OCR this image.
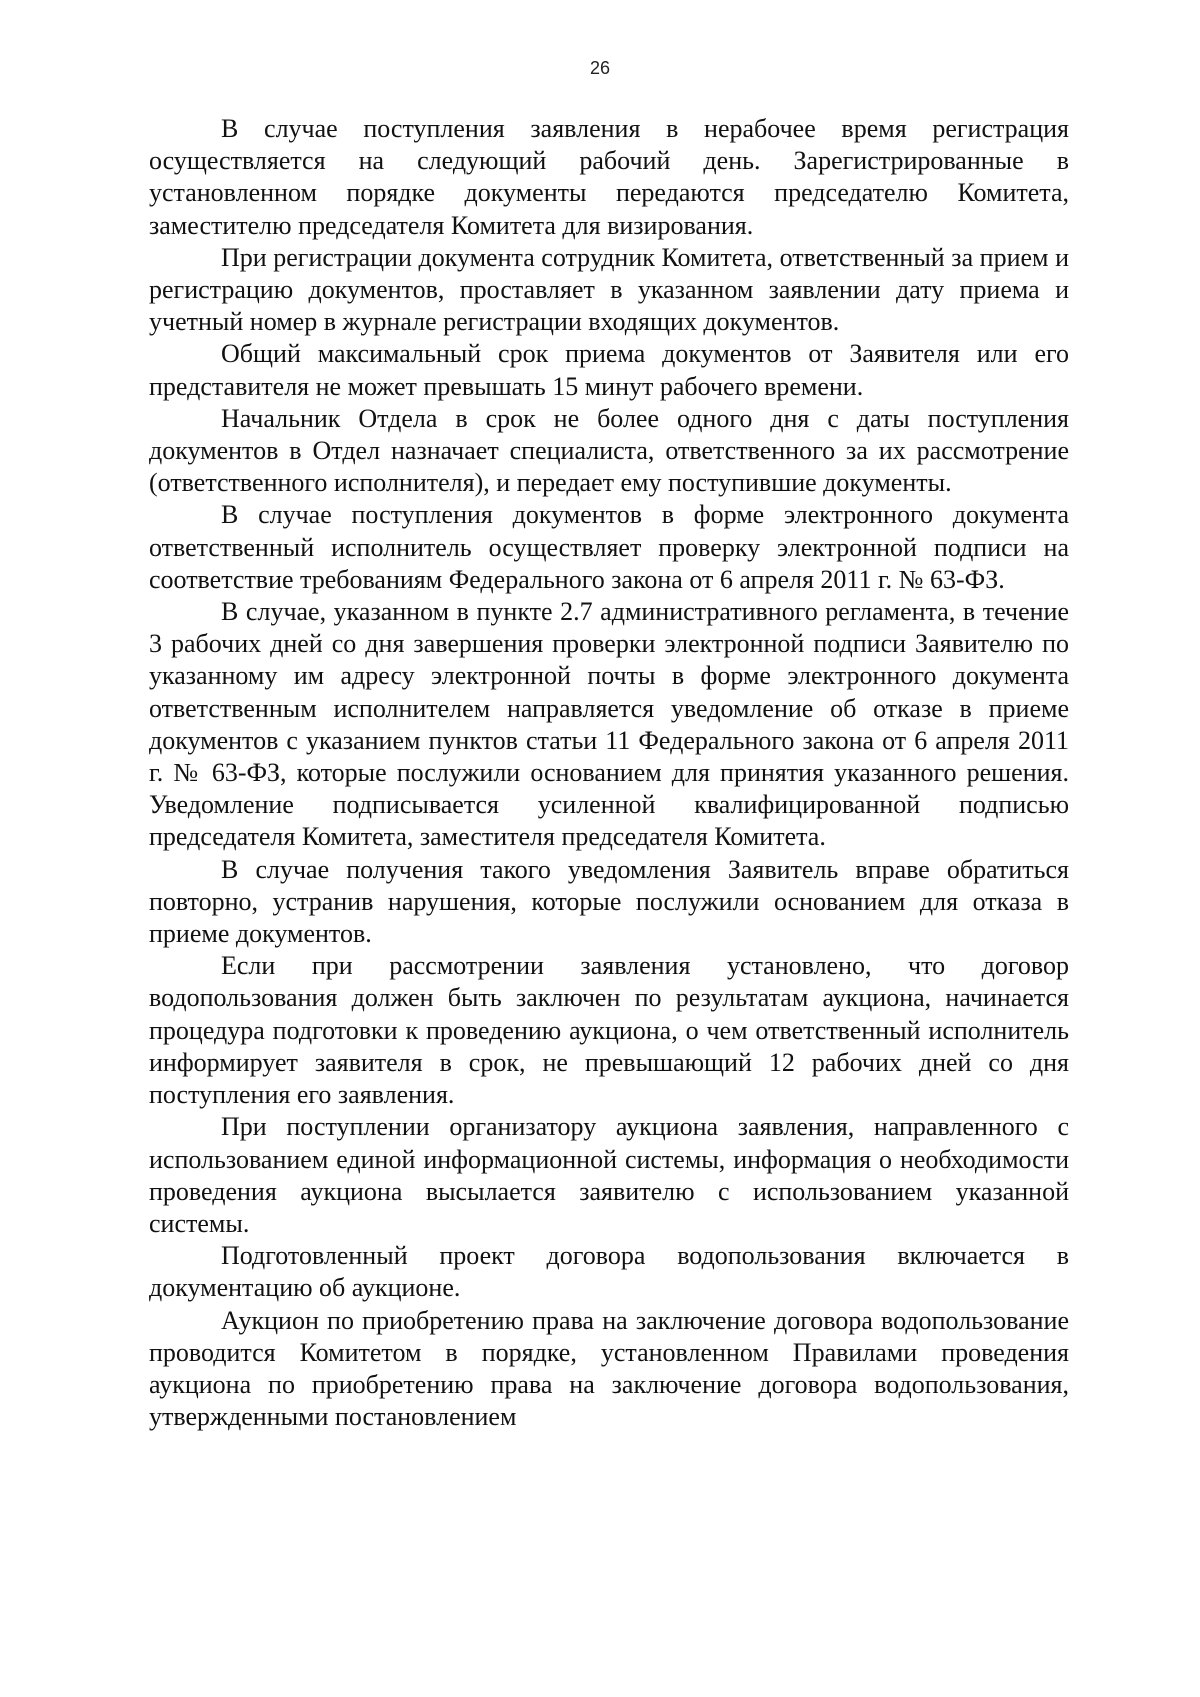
26

В случае поступления заявления в нерабочее время регистрация осуществляется на следующий рабочий день. Зарегистрированные в установленном порядке документы передаются председателю Комитета, заместителю председателя Комитета для визирования.

При регистрации документа сотрудник Комитета, ответственный за прием и регистрацию документов, проставляет в указанном заявлении дату приема и учетный номер в журнале регистрации входящих документов.

Общий максимальный срок приема документов от Заявителя или его представителя не может превышать 15 минут рабочего времени.

Начальник Отдела в срок не более одного дня с даты поступления документов в Отдел назначает специалиста, ответственного за их рассмотрение (ответственного исполнителя), и передает ему поступившие документы.

В случае поступления документов в форме электронного документа ответственный исполнитель осуществляет проверку электронной подписи на соответствие требованиям Федерального закона от 6 апреля 2011 г. № 63-ФЗ.

В случае, указанном в пункте 2.7 административного регламента, в течение 3 рабочих дней со дня завершения проверки электронной подписи Заявителю по указанному им адресу электронной почты в форме электронного документа ответственным исполнителем направляется уведомление об отказе в приеме документов с указанием пунктов статьи 11 Федерального закона от 6 апреля 2011 г. № 63-ФЗ, которые послужили основанием для принятия указанного решения. Уведомление подписывается усиленной квалифицированной подписью председателя Комитета, заместителя председателя Комитета.

В случае получения такого уведомления Заявитель вправе обратиться повторно, устранив нарушения, которые послужили основанием для отказа в приеме документов.

Если при рассмотрении заявления установлено, что договор водопользования должен быть заключен по результатам аукциона, начинается процедура подготовки к проведению аукциона, о чем ответственный исполнитель информирует заявителя в срок, не превышающий 12 рабочих дней со дня поступления его заявления.

При поступлении организатору аукциона заявления, направленного с использованием единой информационной системы, информация о необходимости проведения аукциона высылается заявителю с использованием указанной системы.

Подготовленный проект договора водопользования включается в документацию об аукционе.

Аукцион по приобретению права на заключение договора водопользование проводится Комитетом в порядке, установленном Правилами проведения аукциона по приобретению права на заключение договора водопользования, утвержденными постановлением
